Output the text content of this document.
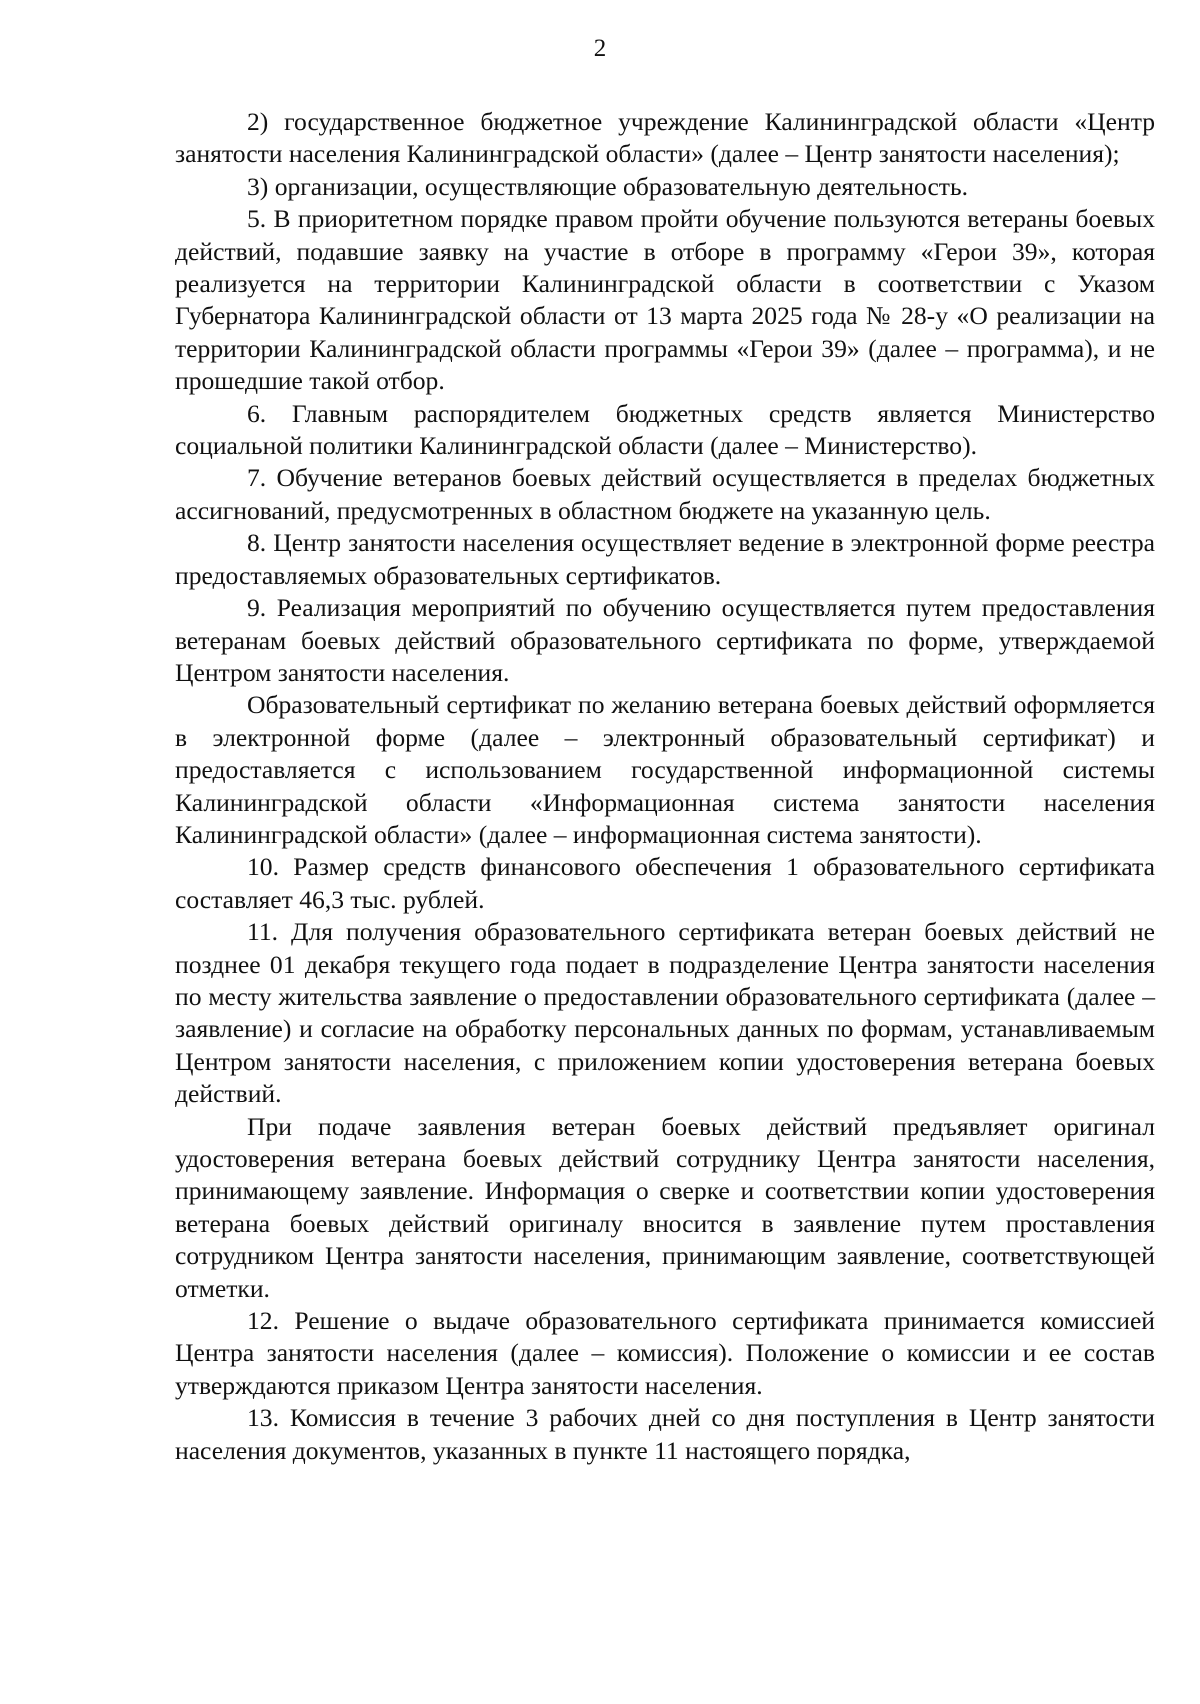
2

2) государственное бюджетное учреждение Калининградской области «Центр занятости населения Калининградской области» (далее – Центр занятости населения);

3) организации, осуществляющие образовательную деятельность.

5. В приоритетном порядке правом пройти обучение пользуются ветераны боевых действий, подавшие заявку на участие в отборе в программу «Герои 39», которая реализуется на территории Калининградской области в соответствии с Указом Губернатора Калининградской области от 13 марта 2025 года № 28-у «О реализации на территории Калининградской области программы «Герои 39» (далее – программа), и не прошедшие такой отбор.

6. Главным распорядителем бюджетных средств является Министерство социальной политики Калининградской области (далее – Министерство).

7. Обучение ветеранов боевых действий осуществляется в пределах бюджетных ассигнований, предусмотренных в областном бюджете на указанную цель.

8. Центр занятости населения осуществляет ведение в электронной форме реестра предоставляемых образовательных сертификатов.

9. Реализация мероприятий по обучению осуществляется путем предоставления ветеранам боевых действий образовательного сертификата по форме, утверждаемой Центром занятости населения.

Образовательный сертификат по желанию ветерана боевых действий оформляется в электронной форме (далее – электронный образовательный сертификат) и предоставляется с использованием государственной информационной системы Калининградской области «Информационная система занятости населения Калининградской области» (далее – информационная система занятости).

10. Размер средств финансового обеспечения 1 образовательного сертификата составляет 46,3 тыс. рублей.

11. Для получения образовательного сертификата ветеран боевых действий не позднее 01 декабря текущего года подает в подразделение Центра занятости населения по месту жительства заявление о предоставлении образовательного сертификата (далее – заявление) и согласие на обработку персональных данных по формам, устанавливаемым Центром занятости населения, с приложением копии удостоверения ветерана боевых действий.

При подаче заявления ветеран боевых действий предъявляет оригинал удостоверения ветерана боевых действий сотруднику Центра занятости населения, принимающему заявление. Информация о сверке и соответствии копии удостоверения ветерана боевых действий оригиналу вносится в заявление путем проставления сотрудником Центра занятости населения, принимающим заявление, соответствующей отметки.

12. Решение о выдаче образовательного сертификата принимается комиссией Центра занятости населения (далее – комиссия). Положение о комиссии и ее состав утверждаются приказом Центра занятости населения.

13. Комиссия в течение 3 рабочих дней со дня поступления в Центр занятости населения документов, указанных в пункте 11 настоящего порядка,
